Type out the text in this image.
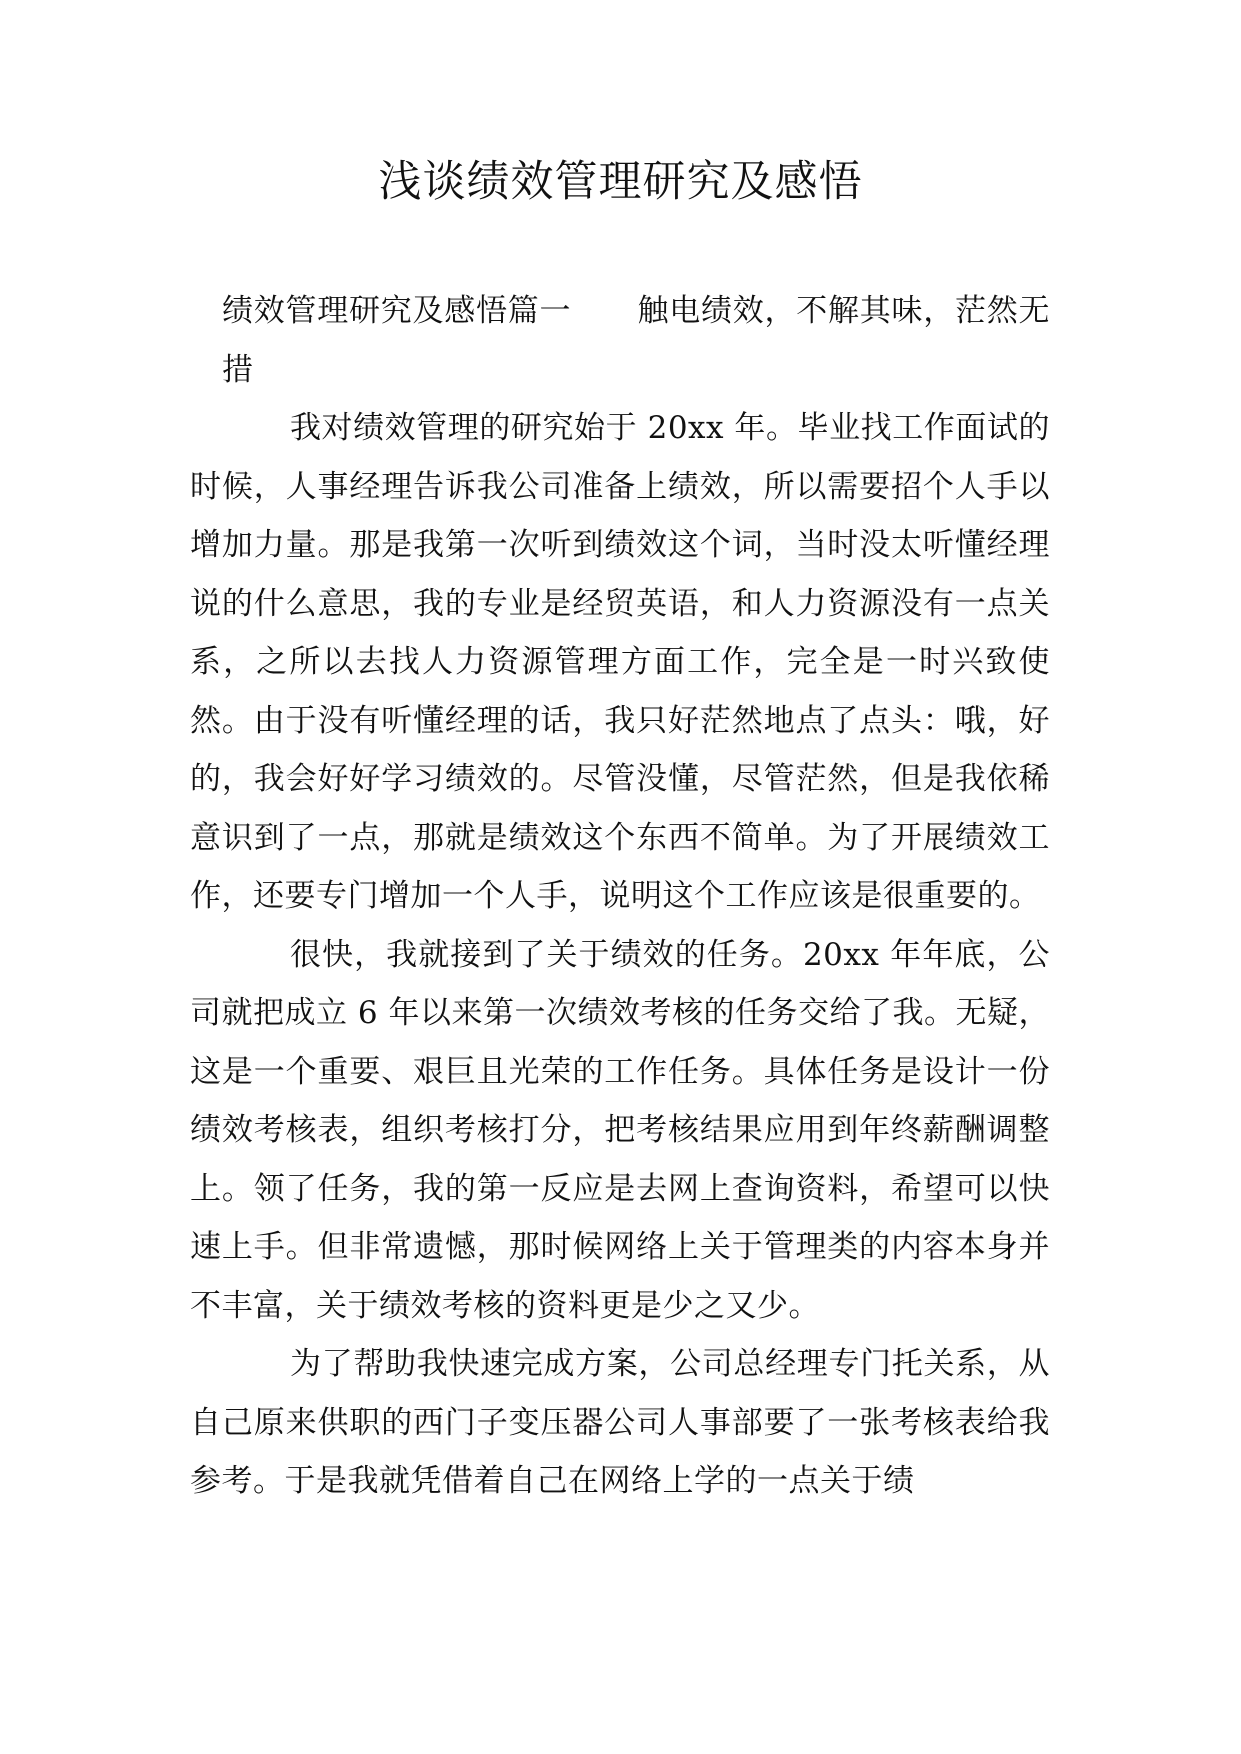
浅谈绩效管理研究及感悟

绩效管理研究及感悟篇一 触电绩效，不解其味，茫然无措

我对绩效管理的研究始于 20xx 年。毕业找工作面试的时候，人事经理告诉我公司准备上绩效，所以需要招个人手以增加力量。那是我第一次听到绩效这个词，当时没太听懂经理说的什么意思，我的专业是经贸英语，和人力资源没有一点关系，之所以去找人力资源管理方面工作，完全是一时兴致使然。由于没有听懂经理的话，我只好茫然地点了点头：哦，好的，我会好好学习绩效的。尽管没懂，尽管茫然，但是我依稀意识到了一点，那就是绩效这个东西不简单。为了开展绩效工作，还要专门增加一个人手，说明这个工作应该是很重要的。

很快，我就接到了关于绩效的任务。20xx 年年底，公司就把成立 6 年以来第一次绩效考核的任务交给了我。无疑，这是一个重要、艰巨且光荣的工作任务。具体任务是设计一份绩效考核表，组织考核打分，把考核结果应用到年终薪酬调整上。领了任务，我的第一反应是去网上查询资料，希望可以快速上手。但非常遗憾，那时候网络上关于管理类的内容本身并不丰富，关于绩效考核的资料更是少之又少。

为了帮助我快速完成方案，公司总经理专门托关系，从自己原来供职的西门子变压器公司人事部要了一张考核表给我参考。于是我就凭借着自己在网络上学的一点关于绩
